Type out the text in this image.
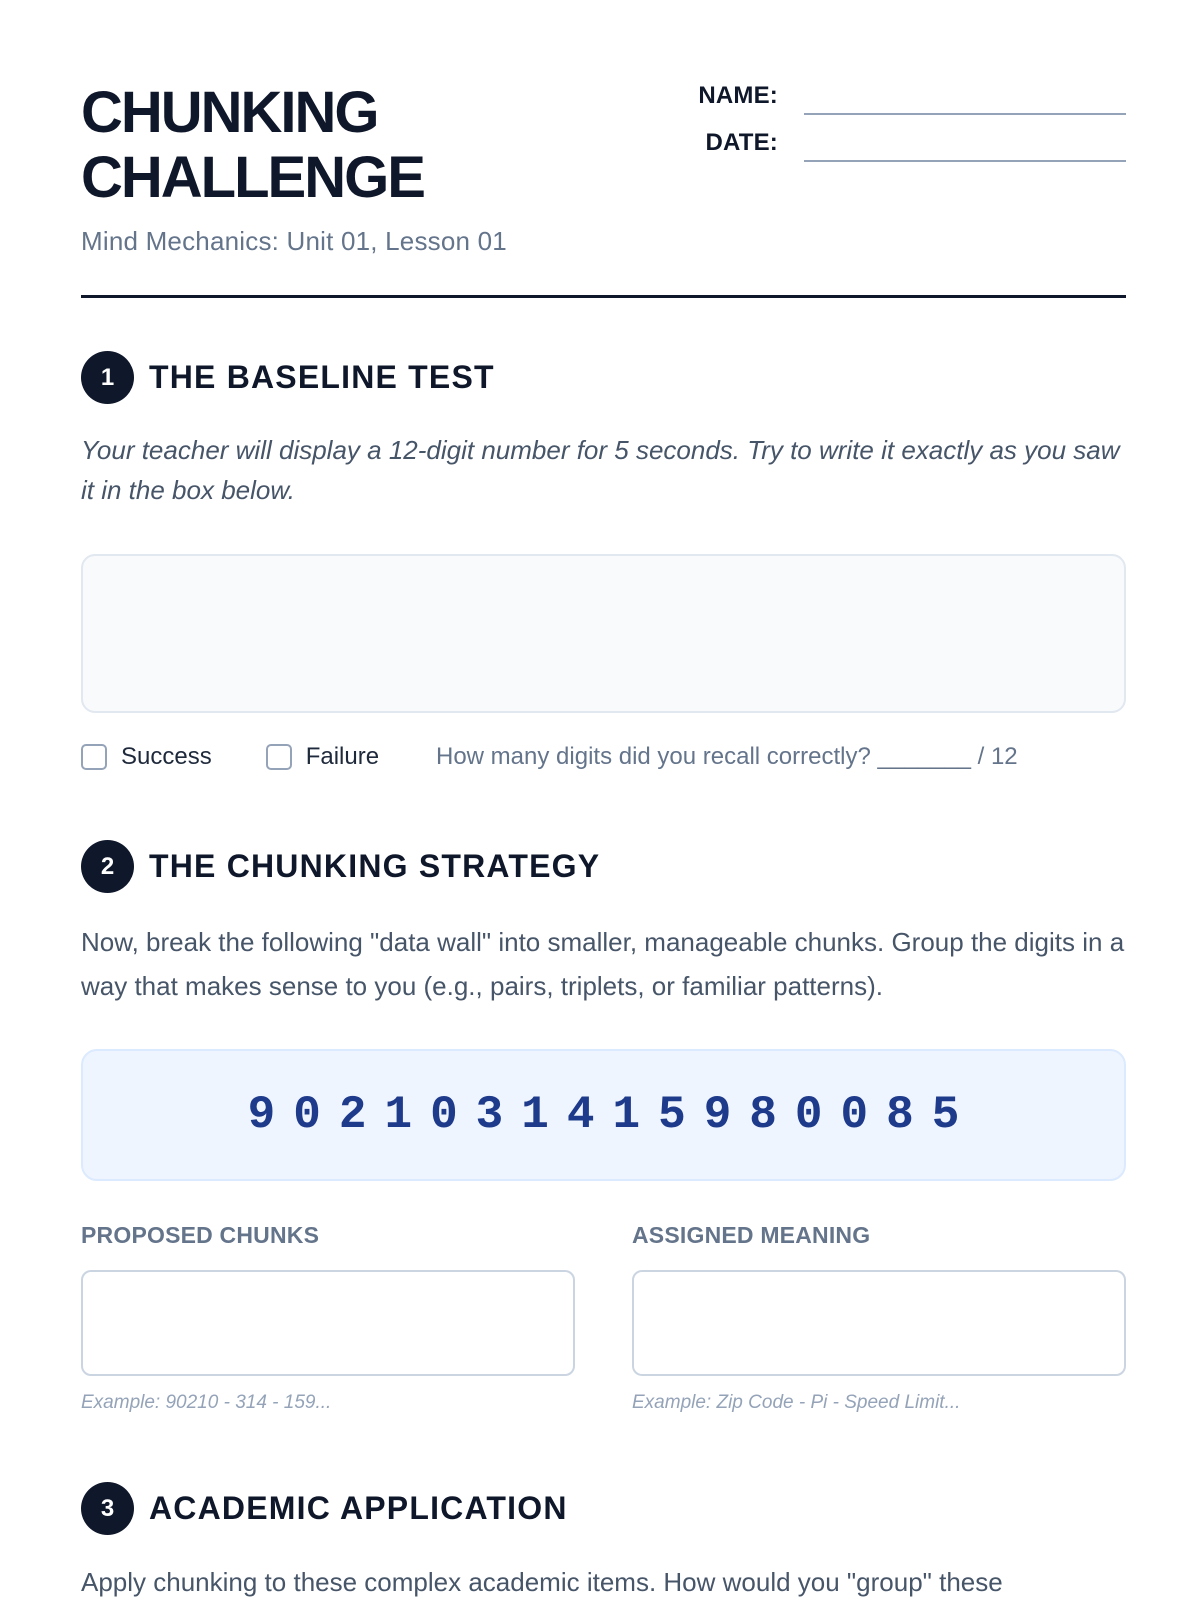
CHUNKING
CHALLENGE
Mind Mechanics: Unit 01, Lesson 01
NAME:
DATE:
1	THE BASELINE TEST
Your teacher will display a 12-digit number for 5 seconds. Try to write it exactly as you saw it in the box below.
Success	Failure How many digits did you recall correctly? _______ / 12
2	THE CHUNKING STRATEGY
Now, break the following "data wall" into smaller, manageable chunks. Group the digits in a way that makes sense to you (e.g., pairs, triplets, or familiar patterns).
9021031415980085
PROPOSED CHUNKS
Example: 90210 - 314 - 159...
ASSIGNED MEANING
Example: Zip Code - Pi - Speed Limit...
3	ACADEMIC APPLICATION
Apply chunking to these complex academic items. How would you "group" these
